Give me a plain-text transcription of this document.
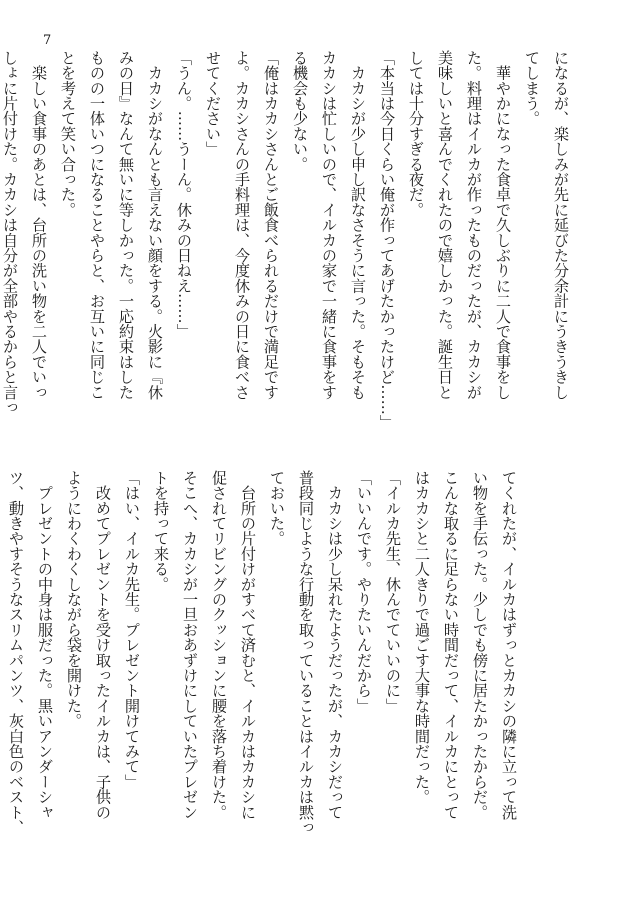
7
になるが、楽しみが先に延びた分余計にうきうきし
てしまう。
　華やかになった食卓で久しぶりに二人で食事をし
た。料理はイルカが作ったものだったが、カカシが
美味しいと喜んでくれたので嬉しかった。誕生日と
しては十分すぎる夜だ。
「本当は今日くらい俺が作ってあげたかったけど……」
　カカシが少し申し訳なさそうに言った。そもそも
カカシは忙しいので、イルカの家で一緒に食事をす
る機会も少ない。
「俺はカカシさんとご飯食べられるだけで満足です
よ。カカシさんの手料理は、今度休みの日に食べさ
せてください」
「うん。……うーん。休みの日ねえ……」
　カカシがなんとも言えない顔をする。火影に『休
みの日』なんて無いに等しかった。一応約束はした
ものの一体いつになることやらと、お互いに同じこ
とを考えて笑い合った。
　楽しい食事のあとは、台所の洗い物を二人でいっ
しょに片付けた。カカシは自分が全部やるからと言っ
てくれたが、イルカはずっとカカシの隣に立って洗
い物を手伝った。少しでも傍に居たかったからだ。
こんな取るに足らない時間だって、イルカにとって
はカカシと二人きりで過ごす大事な時間だった。
「イルカ先生、休んでていいのに」
「いいんです。やりたいんだから」
　カカシは少し呆れたようだったが、カカシだって
普段同じような行動を取っていることはイルカは黙っ
ておいた。
　台所の片付けがすべて済むと、イルカはカカシに
促されてリビングのクッションに腰を落ち着けた。
そこへ、カカシが一旦おあずけにしていたプレゼン
トを持って来る。
「はい、イルカ先生。プレゼント開けてみて」
　改めてプレゼントを受け取ったイルカは、子供の
ようにわくわくしながら袋を開けた。
　プレゼントの中身は服だった。黒いアンダーシャ
ツ、動きやすそうなスリムパンツ、灰白色のベスト、
